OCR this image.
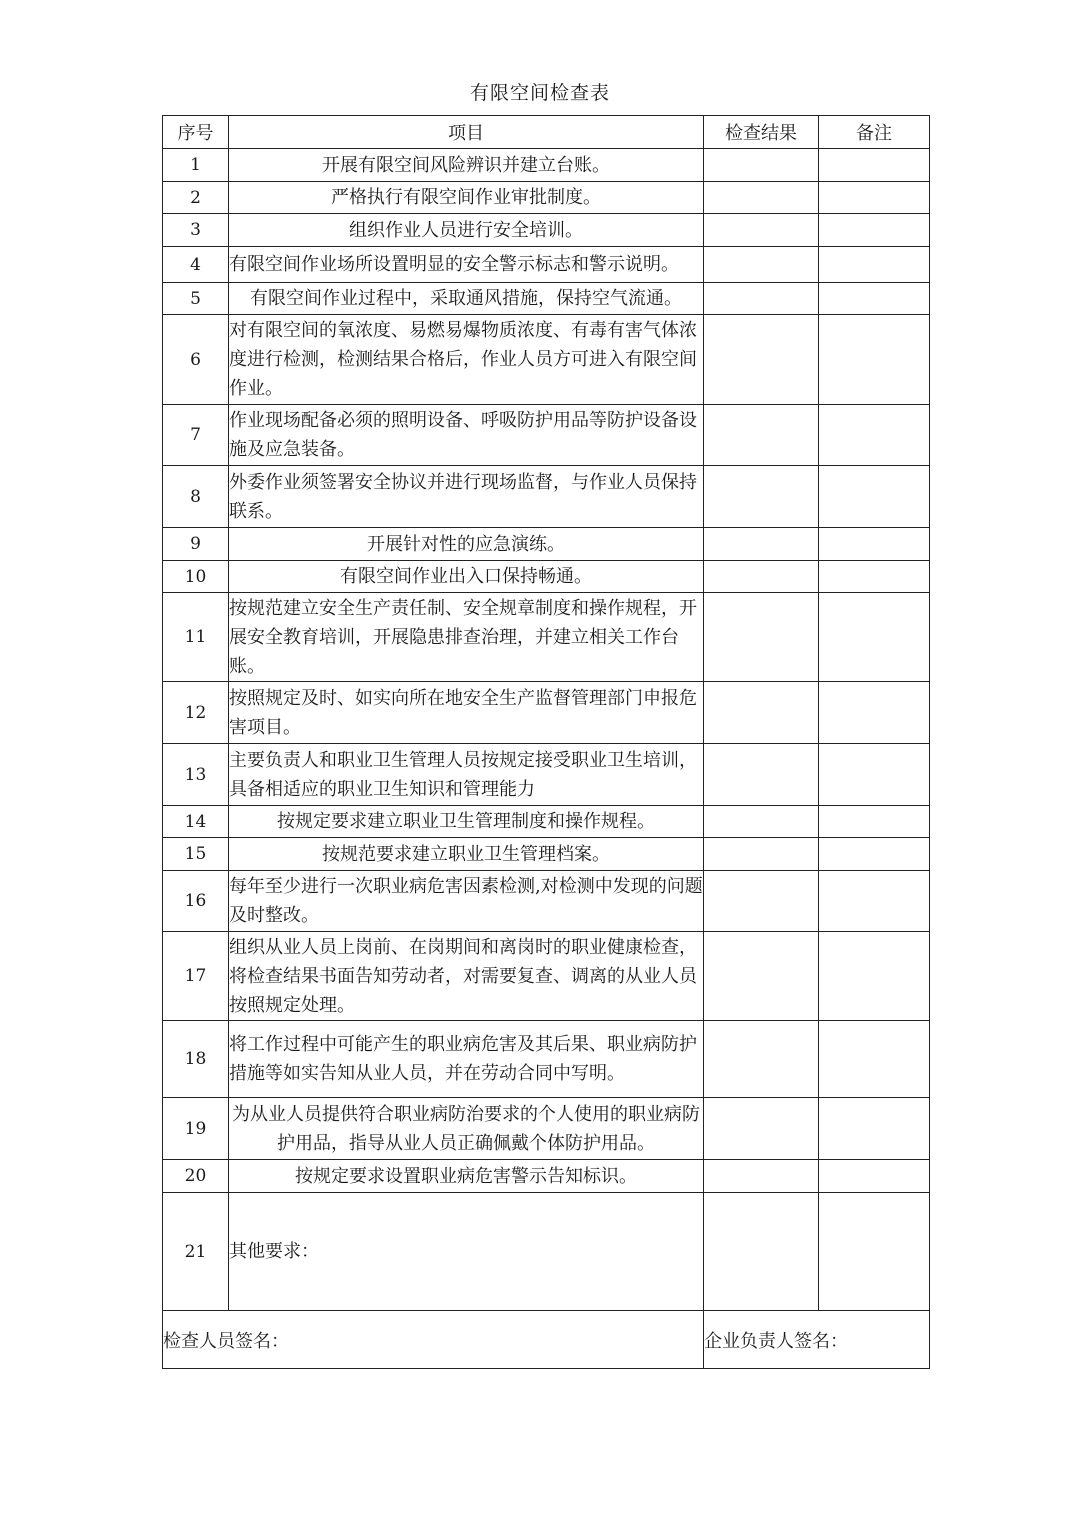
有限空间检查表
序号	项目	检查结果	备注
1	开展有限空间风险辨识并建立台账。		
2	严格执行有限空间作业审批制度。		
3	组织作业人员进行安全培训。		
4	有限空间作业场所设置明显的安全警示标志和警示说明。		
5	有限空间作业过程中，采取通风措施，保持空气流通。		
6	对有限空间的氧浓度、易燃易爆物质浓度、有毒有害气体浓度进行检测，检测结果合格后，作业人员方可进入有限空间作业。		
7	作业现场配备必须的照明设备、呼吸防护用品等防护设备设施及应急装备。		
8	外委作业须签署安全协议并进行现场监督，与作业人员保持联系。		
9	开展针对性的应急演练。		
10	有限空间作业出入口保持畅通。		
11	按规范建立安全生产责任制、安全规章制度和操作规程，开展安全教育培训，开展隐患排查治理，并建立相关工作台账。		
12	按照规定及时、如实向所在地安全生产监督管理部门申报危害项目。		
13	主要负责人和职业卫生管理人员按规定接受职业卫生培训，具备相适应的职业卫生知识和管理能力		
14	按规定要求建立职业卫生管理制度和操作规程。		
15	按规范要求建立职业卫生管理档案。		
16	每年至少进行一次职业病危害因素检测,对检测中发现的问题及时整改。		
17	组织从业人员上岗前、在岗期间和离岗时的职业健康检查，将检查结果书面告知劳动者，对需要复查、调离的从业人员按照规定处理。		
18	将工作过程中可能产生的职业病危害及其后果、职业病防护措施等如实告知从业人员，并在劳动合同中写明。		
19	为从业人员提供符合职业病防治要求的个人使用的职业病防护用品，指导从业人员正确佩戴个体防护用品。		
20	按规定要求设置职业病危害警示告知标识。		
21	其他要求：		
检查人员签名：		企业负责人签名：	
